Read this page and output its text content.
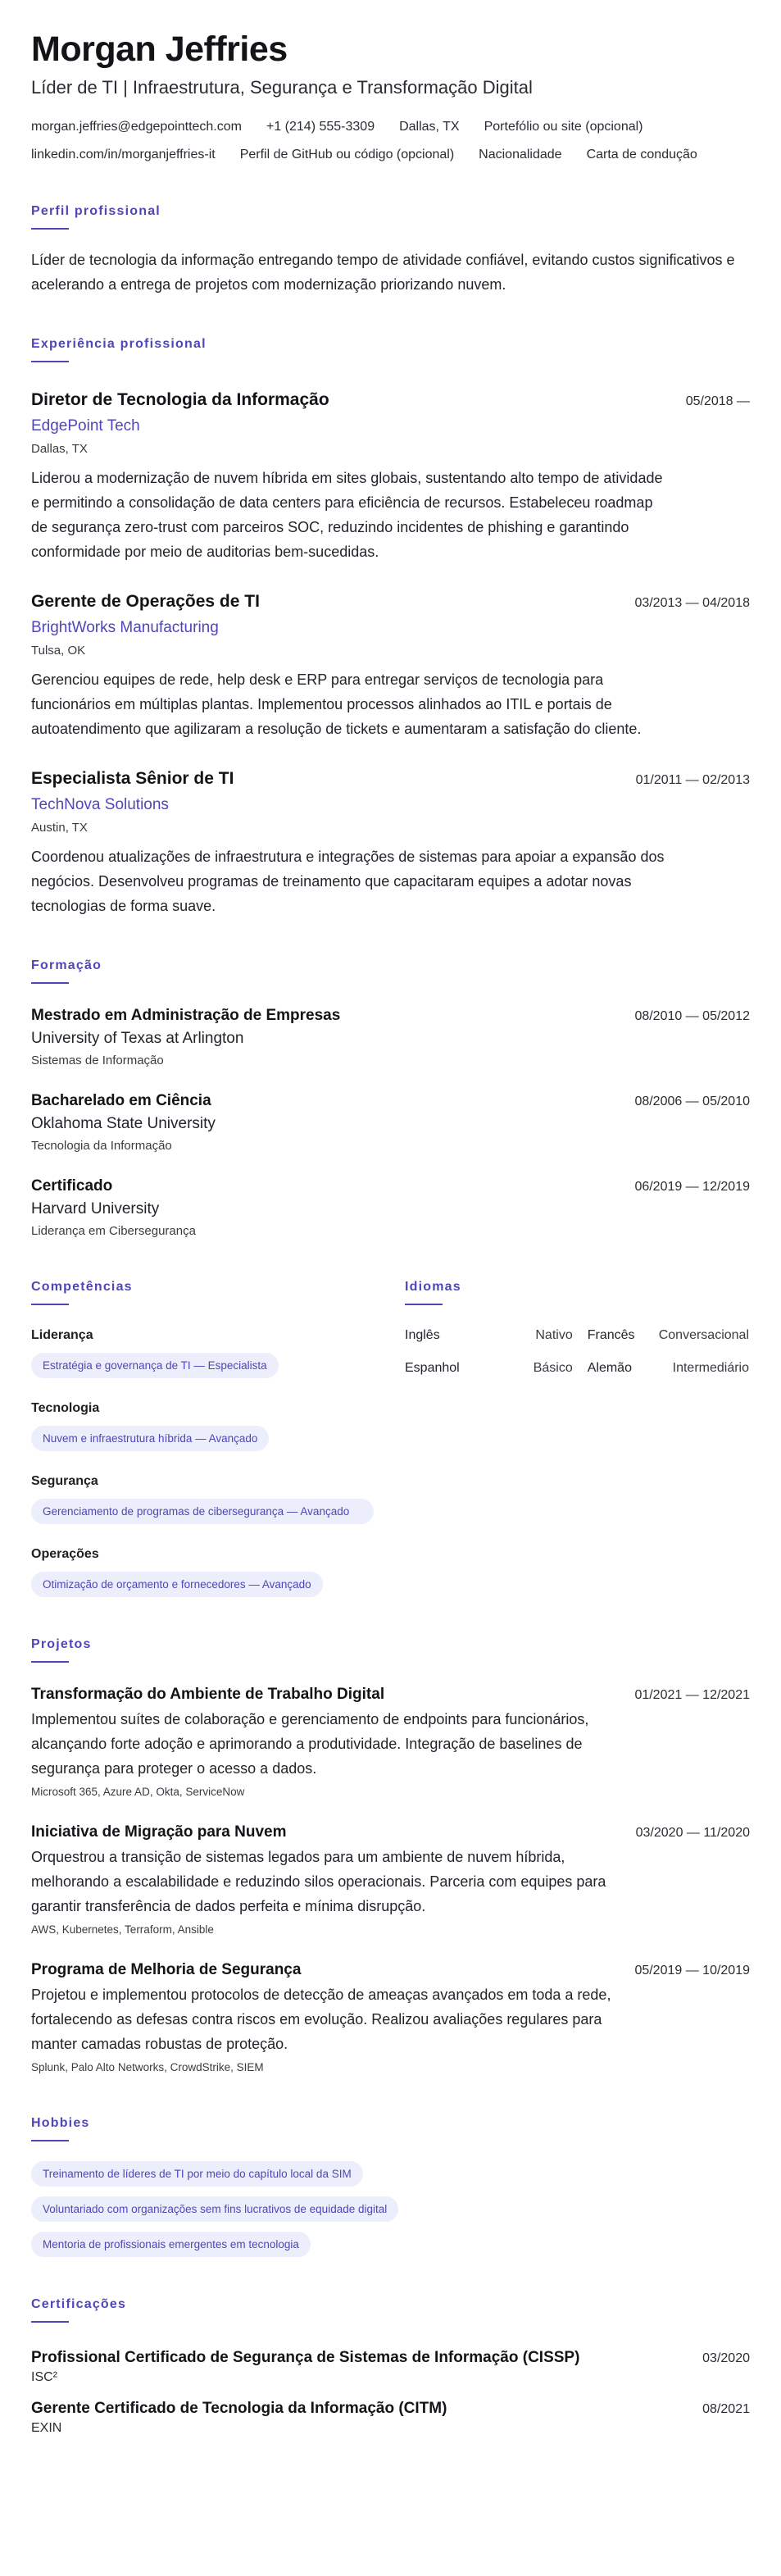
Morgan Jeffries
Líder de TI | Infraestrutura, Segurança e Transformação Digital
morgan.jeffries@edgepointtech.com +1 (214) 555-3309 Dallas, TX Portefólio ou site (opcional)
linkedin.com/in/morganjeffries-it Perfil de GitHub ou código (opcional) Nacionalidade Carta de condução
Perfil profissional

Líder de tecnologia da informação entregando tempo de atividade confiável, evitando custos significativos e acelerando a entrega de projetos com modernização priorizando nuvem.

Experiência profissional
Diretor de Tecnologia da Informação	05/2018 —
EdgePoint Tech
Dallas, TX

Liderou a modernização de nuvem híbrida em sites globais, sustentando alto tempo de atividade e permitindo a consolidação de data centers para eficiência de recursos. Estabeleceu roadmap de segurança zero-trust com parceiros SOC, reduzindo incidentes de phishing e garantindo conformidade por meio de auditorias bem-sucedidas.

Gerente de Operações de TI	03/2013 — 04/2018
BrightWorks Manufacturing
Tulsa, OK

Gerenciou equipes de rede, help desk e ERP para entregar serviços de tecnologia para funcionários em múltiplas plantas. Implementou processos alinhados ao ITIL e portais de autoatendimento que agilizaram a resolução de tickets e aumentaram a satisfação do cliente.

Especialista Sênior de TI	01/2011 — 02/2013
TechNova Solutions
Austin, TX

Coordenou atualizações de infraestrutura e integrações de sistemas para apoiar a expansão dos negócios. Desenvolveu programas de treinamento que capacitaram equipes a adotar novas tecnologias de forma suave.

Formação
Mestrado em Administração de Empresas	08/2010 — 05/2012
University of Texas at Arlington
Sistemas de Informação
Bacharelado em Ciência	08/2006 — 05/2010
Oklahoma State University
Tecnologia da Informação
Certificado	06/2019 — 12/2019
Harvard University
Liderança em Cibersegurança
Competências
Liderança
Estratégia e governança de TI — Especialista
Tecnologia
Nuvem e infraestrutura híbrida — Avançado
Segurança
Gerenciamento de programas de cibersegurança — Avançado
Operações
Otimização de orçamento e fornecedores — Avançado
Idiomas
Inglês	Nativo	Francês	Conversacional
Espanhol	Básico	Alemão	Intermediário
Projetos
Transformação do Ambiente de Trabalho Digital	01/2021 — 12/2021

Implementou suítes de colaboração e gerenciamento de endpoints para funcionários, alcançando forte adoção e aprimorando a produtividade. Integração de baselines de segurança para proteger o acesso a dados.

Microsoft 365, Azure AD, Okta, ServiceNow
Iniciativa de Migração para Nuvem	03/2020 — 11/2020

Orquestrou a transição de sistemas legados para um ambiente de nuvem híbrida, melhorando a escalabilidade e reduzindo silos operacionais. Parceria com equipes para garantir transferência de dados perfeita e mínima disrupção.

AWS, Kubernetes, Terraform, Ansible
Programa de Melhoria de Segurança	05/2019 — 10/2019

Projetou e implementou protocolos de detecção de ameaças avançados em toda a rede, fortalecendo as defesas contra riscos em evolução. Realizou avaliações regulares para manter camadas robustas de proteção.

Splunk, Palo Alto Networks, CrowdStrike, SIEM
Hobbies
Treinamento de líderes de TI por meio do capítulo local da SIM
Voluntariado com organizações sem fins lucrativos de equidade digital
Mentoria de profissionais emergentes em tecnologia
Certificações
Profissional Certificado de Segurança de Sistemas de Informação (CISSP)	03/2020
ISC²
Gerente Certificado de Tecnologia da Informação (CITM)	08/2021
EXIN
